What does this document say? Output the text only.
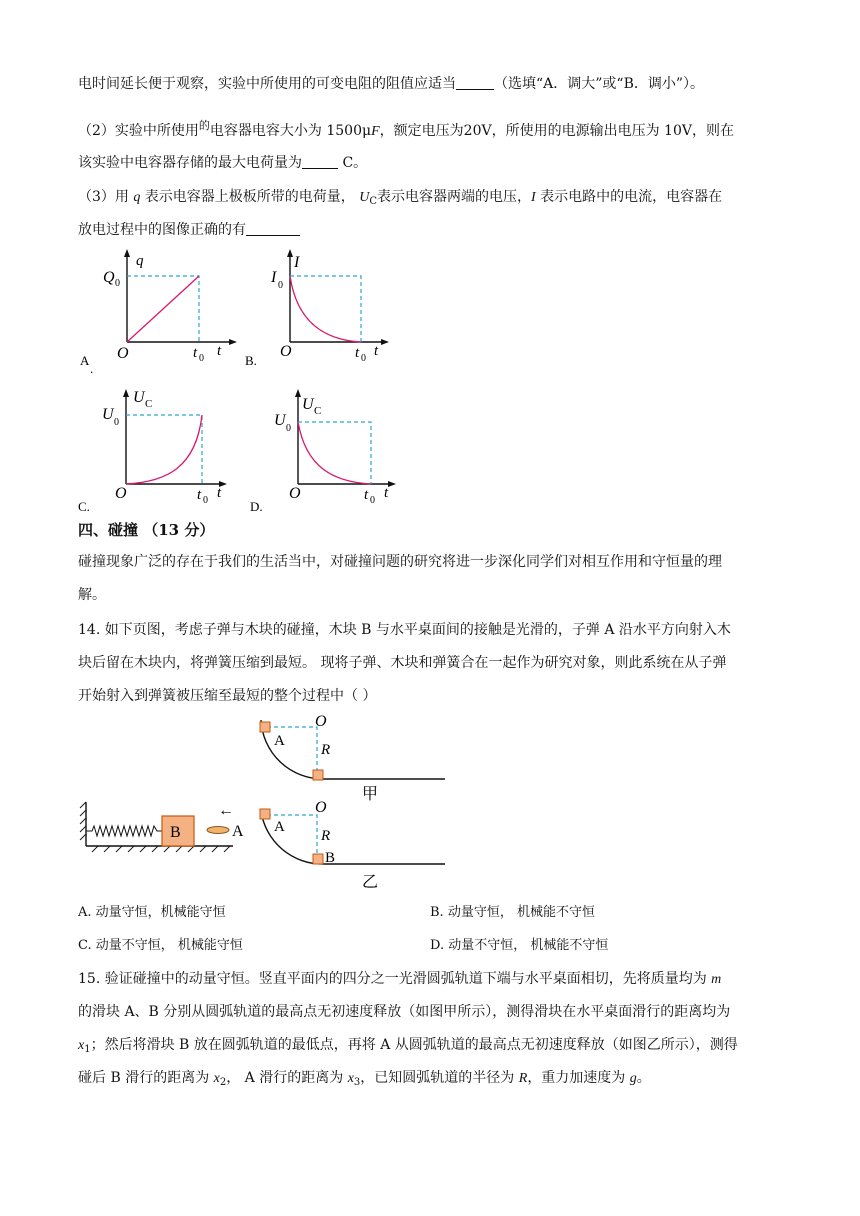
电时间延长便于观察，实验中所使用的可变电阻的阻值应适当	（选填“A．调大”或“B．调小”）。
（2）实验中所使用$^的$电容器电容大小为 1500μF，额定电压为20V，所使用的电源输出电压为 10V，则在
该实验中电容器存储的最大电荷量为	C。
（3）用 q 表示电容器上极板所带的电荷量， $U_C$表示电容器两端的电压，I 表示电路中的电流，电容器在
放电过程中的图像正确的有
q
Q 0
O	t 0 t
A
.
I
I 0
O	t 0 t
B.
U C
U 0
O	t 0 t
C.
U C
U 0
O	t 0 t
D.
四、碰撞 （13 分）
碰撞现象广泛的存在于我们的生活当中，对碰撞问题的研究将进一步深化同学们对相互作用和守恒量的理
解。
14. 如下页图，考虑子弹与木块的碰撞，木块 B 与水平桌面间的接触是光滑的，子弹 A 沿水平方向射入木
块后留在木块内，将弹簧压缩到最短。 现将子弹、木块和弹簧合在一起作为研究对象，则此系统在从子弹
开始射入到弹簧被压缩至最短的整个过程中（ ）
B	A
←
O
R
A
甲
O
R
A
B
乙
A. 动量守恒，机械能守恒	B. 动量守恒， 机械能不守恒
C. 动量不守恒， 机械能守恒	D. 动量不守恒， 机械能不守恒
15. 验证碰撞中的动量守恒。竖直平面内的四分之一光滑圆弧轨道下端与水平桌面相切，先将质量均为 m
的滑块 A、B 分别从圆弧轨道的最高点无初速度释放（如图甲所示），测得滑块在水平桌面滑行的距离均为
$x_1$；然后将滑块 B 放在圆弧轨道的最低点，再将 A 从圆弧轨道的最高点无初速度释放（如图乙所示），测得
碰后 B 滑行的距离为 $x_2$， A 滑行的距离为 $x_3$，已知圆弧轨道的半径为 R，重力加速度为 g。
